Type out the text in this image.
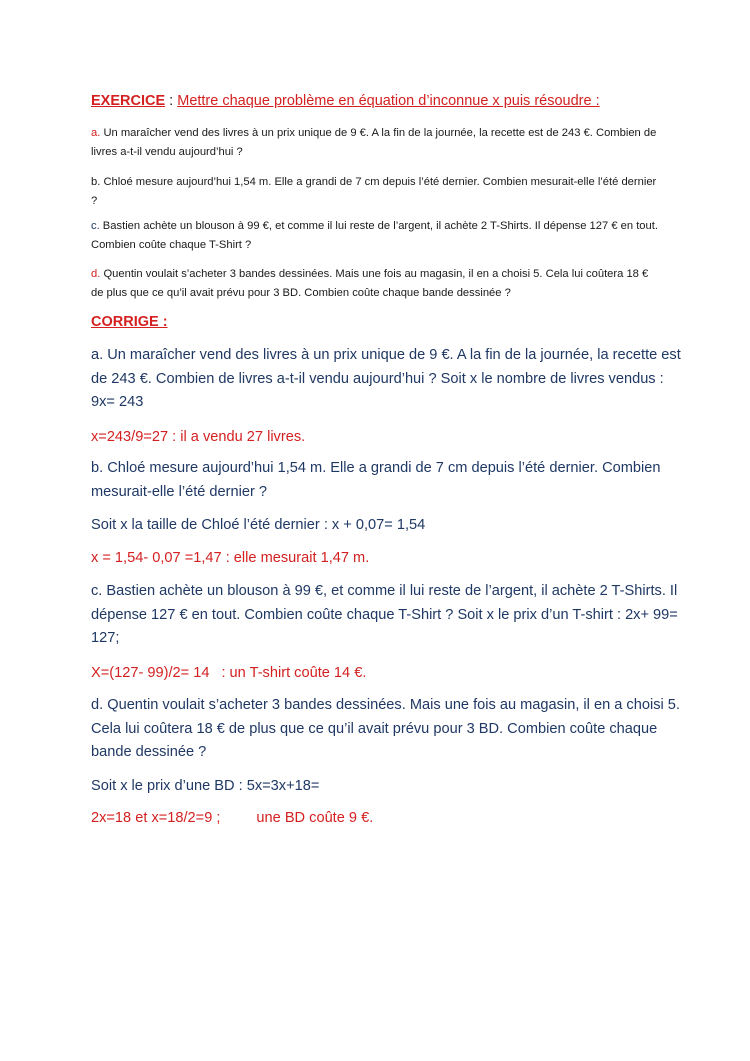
EXERCICE : Mettre chaque problème en équation d’inconnue x puis résoudre :

a. Un maraîcher vend des livres à un prix unique de 9 €. A la fin de la journée, la recette est de 243 €. Combien de livres a-t-il vendu aujourd’hui ?

b. Chloé mesure aujourd’hui 1,54 m. Elle a grandi de 7 cm depuis l’été dernier. Combien mesurait-elle l’été dernier ?

c. Bastien achète un blouson à 99 €, et comme il lui reste de l’argent, il achète 2 T-Shirts. Il dépense 127 € en tout. Combien coûte chaque T-Shirt ?

d. Quentin voulait s’acheter 3 bandes dessinées. Mais une fois au magasin, il en a choisi 5. Cela lui coûtera 18 € de plus que ce qu’il avait prévu pour 3 BD. Combien coûte chaque bande dessinée ?

CORRIGE :

a. Un maraîcher vend des livres à un prix unique de 9 €. A la fin de la journée, la recette est de 243 €. Combien de livres a-t-il vendu aujourd’hui ? Soit x le nombre de livres vendus : 9x= 243

x=243/9=27 : il a vendu 27 livres.

b. Chloé mesure aujourd’hui 1,54 m. Elle a grandi de 7 cm depuis l’été dernier. Combien mesurait-elle l’été dernier ?

Soit x la taille de Chloé l’été dernier : x + 0,07= 1,54

x = 1,54- 0,07 =1,47 : elle mesurait 1,47 m.

c. Bastien achète un blouson à 99 €, et comme il lui reste de l’argent, il achète 2 T-Shirts. Il dépense 127 € en tout. Combien coûte chaque T-Shirt ? Soit x le prix d’un T-shirt : 2x+ 99= 127;

X=(127- 99)/2= 14 : un T-shirt coûte 14 €.

d. Quentin voulait s’acheter 3 bandes dessinées. Mais une fois au magasin, il en a choisi 5. Cela lui coûtera 18 € de plus que ce qu’il avait prévu pour 3 BD. Combien coûte chaque bande dessinée ?

Soit x le prix d’une BD : 5x=3x+18=

2x=18 et x=18/2=9 ; une BD coûte 9 €.
